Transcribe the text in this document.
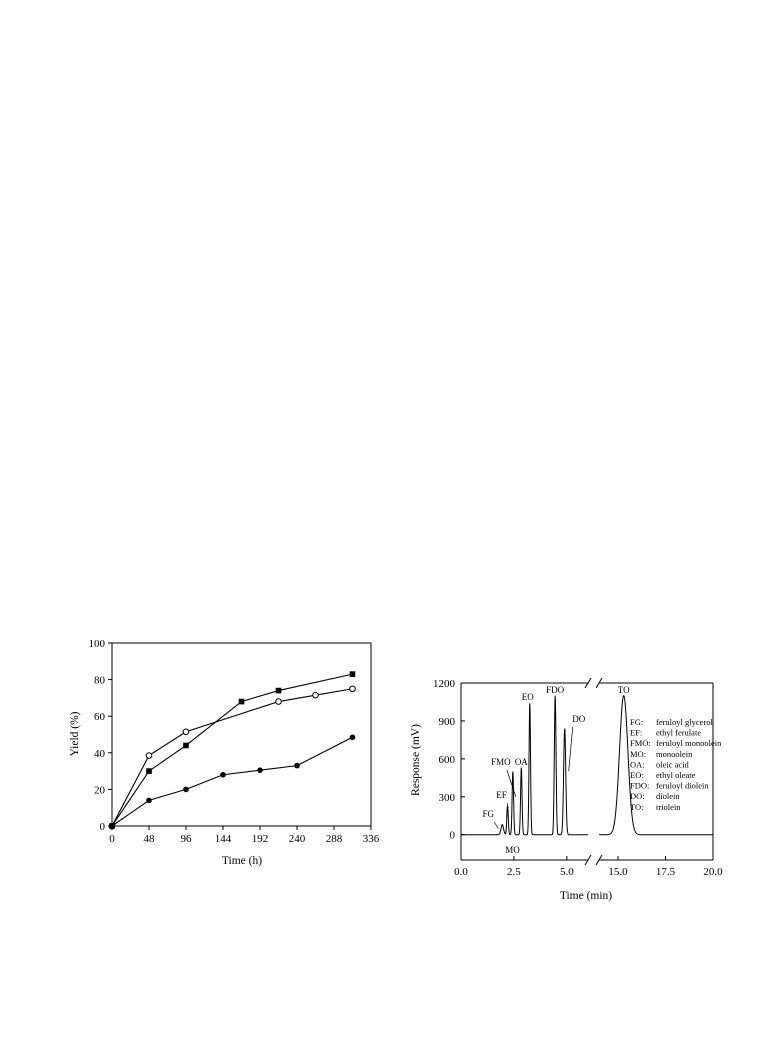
0	48 96 144 192 240 288 336
0
20
40
60
80
100
Time (h)
Yield (%)
0.0	2.5	5.0	15.0	17.5	20.0
0
300
600
900
1200
FG
EF
FMO
MO
OA
EO
FDO
DO
TO
FG: feruloyl glycerol
EF: ethyl ferulate
FMO: feruloyl monoolein
MO: monoolein
OA: oleic acid
EO: ethyl oleate
FDO: feruloyl diolein
DO: diolein
TO: triolein
Time (min)
Response (mV)
